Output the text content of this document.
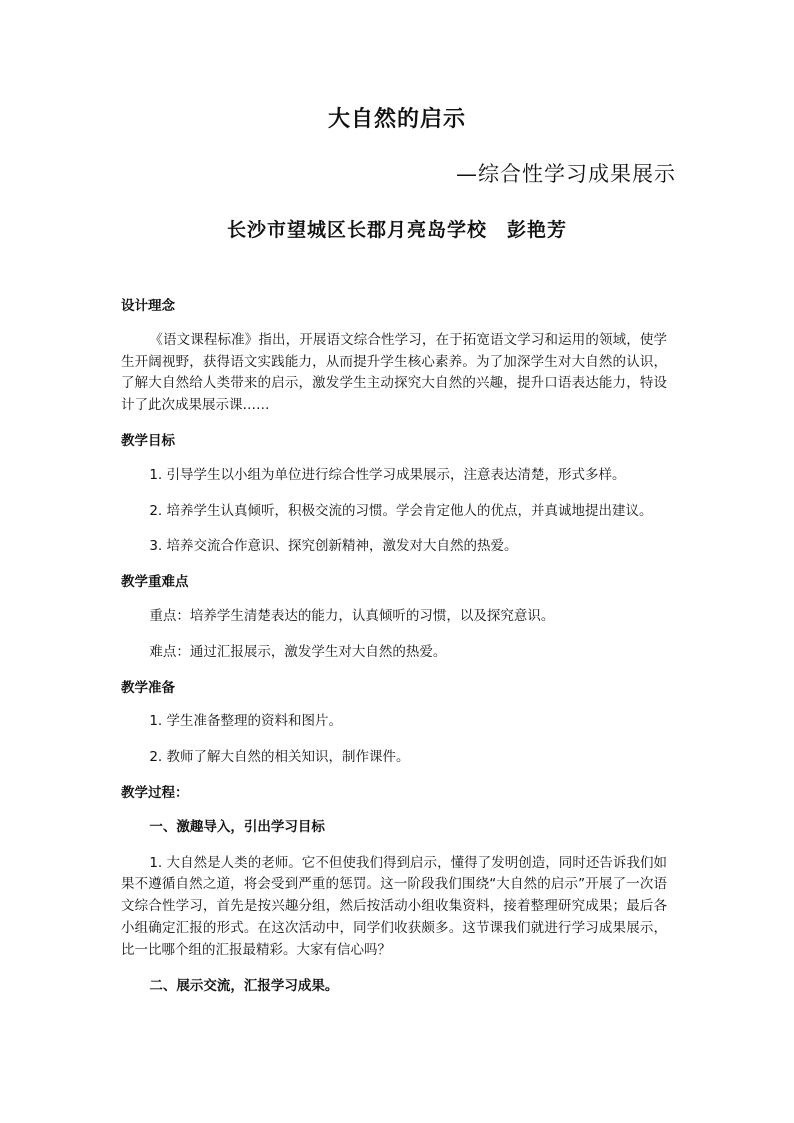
大自然的启示
—综合性学习成果展示
长沙市望城区长郡月亮岛学校　彭艳芳

设计理念

《语文课程标准》指出，开展语文综合性学习，在于拓宽语文学习和运用的领域，使学生开阔视野，获得语文实践能力，从而提升学生核心素养。为了加深学生对大自然的认识，了解大自然给人类带来的启示，激发学生主动探究大自然的兴趣，提升口语表达能力，特设计了此次成果展示课……

教学目标

1. 引导学生以小组为单位进行综合性学习成果展示，注意表达清楚，形式多样。

2. 培养学生认真倾听，积极交流的习惯。学会肯定他人的优点，并真诚地提出建议。

3. 培养交流合作意识、探究创新精神，激发对大自然的热爱。

教学重难点

重点：培养学生清楚表达的能力，认真倾听的习惯，以及探究意识。

难点：通过汇报展示，激发学生对大自然的热爱。

教学准备

1. 学生准备整理的资料和图片。

2. 教师了解大自然的相关知识，制作课件。

教学过程：

一、激趣导入，引出学习目标

1. 大自然是人类的老师。它不但使我们得到启示，懂得了发明创造，同时还告诉我们如果不遵循自然之道，将会受到严重的惩罚。这一阶段我们围绕“大自然的启示”开展了一次语文综合性学习，首先是按兴趣分组，然后按活动小组收集资料，接着整理研究成果；最后各小组确定汇报的形式。在这次活动中，同学们收获颇多。这节课我们就进行学习成果展示，比一比哪个组的汇报最精彩。大家有信心吗？

二、展示交流，汇报学习成果。
